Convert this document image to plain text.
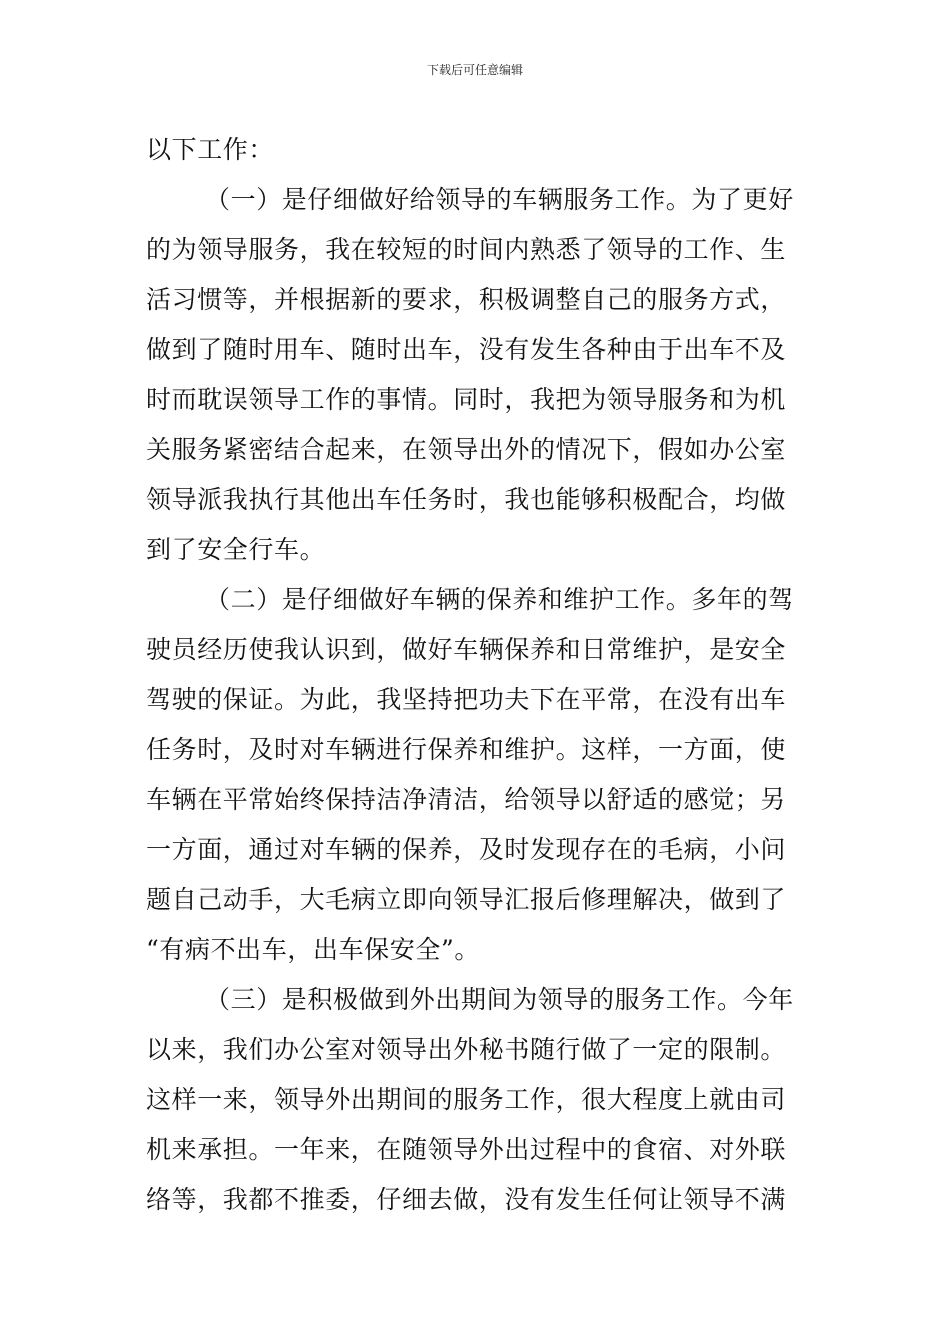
下载后可任意编辑
以下工作：
（一）是仔细做好给领导的车辆服务工作。为了更好
的为领导服务，我在较短的时间内熟悉了领导的工作、生
活习惯等，并根据新的要求，积极调整自己的服务方式，
做到了随时用车、随时出车，没有发生各种由于出车不及
时而耽误领导工作的事情。同时，我把为领导服务和为机
关服务紧密结合起来，在领导出外的情况下，假如办公室
领导派我执行其他出车任务时，我也能够积极配合，均做
到了安全行车。
（二）是仔细做好车辆的保养和维护工作。多年的驾
驶员经历使我认识到，做好车辆保养和日常维护，是安全
驾驶的保证。为此，我坚持把功夫下在平常，在没有出车
任务时，及时对车辆进行保养和维护。这样，一方面，使
车辆在平常始终保持洁净清洁，给领导以舒适的感觉；另
一方面，通过对车辆的保养，及时发现存在的毛病，小问
题自己动手，大毛病立即向领导汇报后修理解决，做到了
“有病不出车，出车保安全”。
（三）是积极做到外出期间为领导的服务工作。今年
以来，我们办公室对领导出外秘书随行做了一定的限制。
这样一来，领导外出期间的服务工作，很大程度上就由司
机来承担。一年来，在随领导外出过程中的食宿、对外联
络等，我都不推委，仔细去做，没有发生任何让领导不满
